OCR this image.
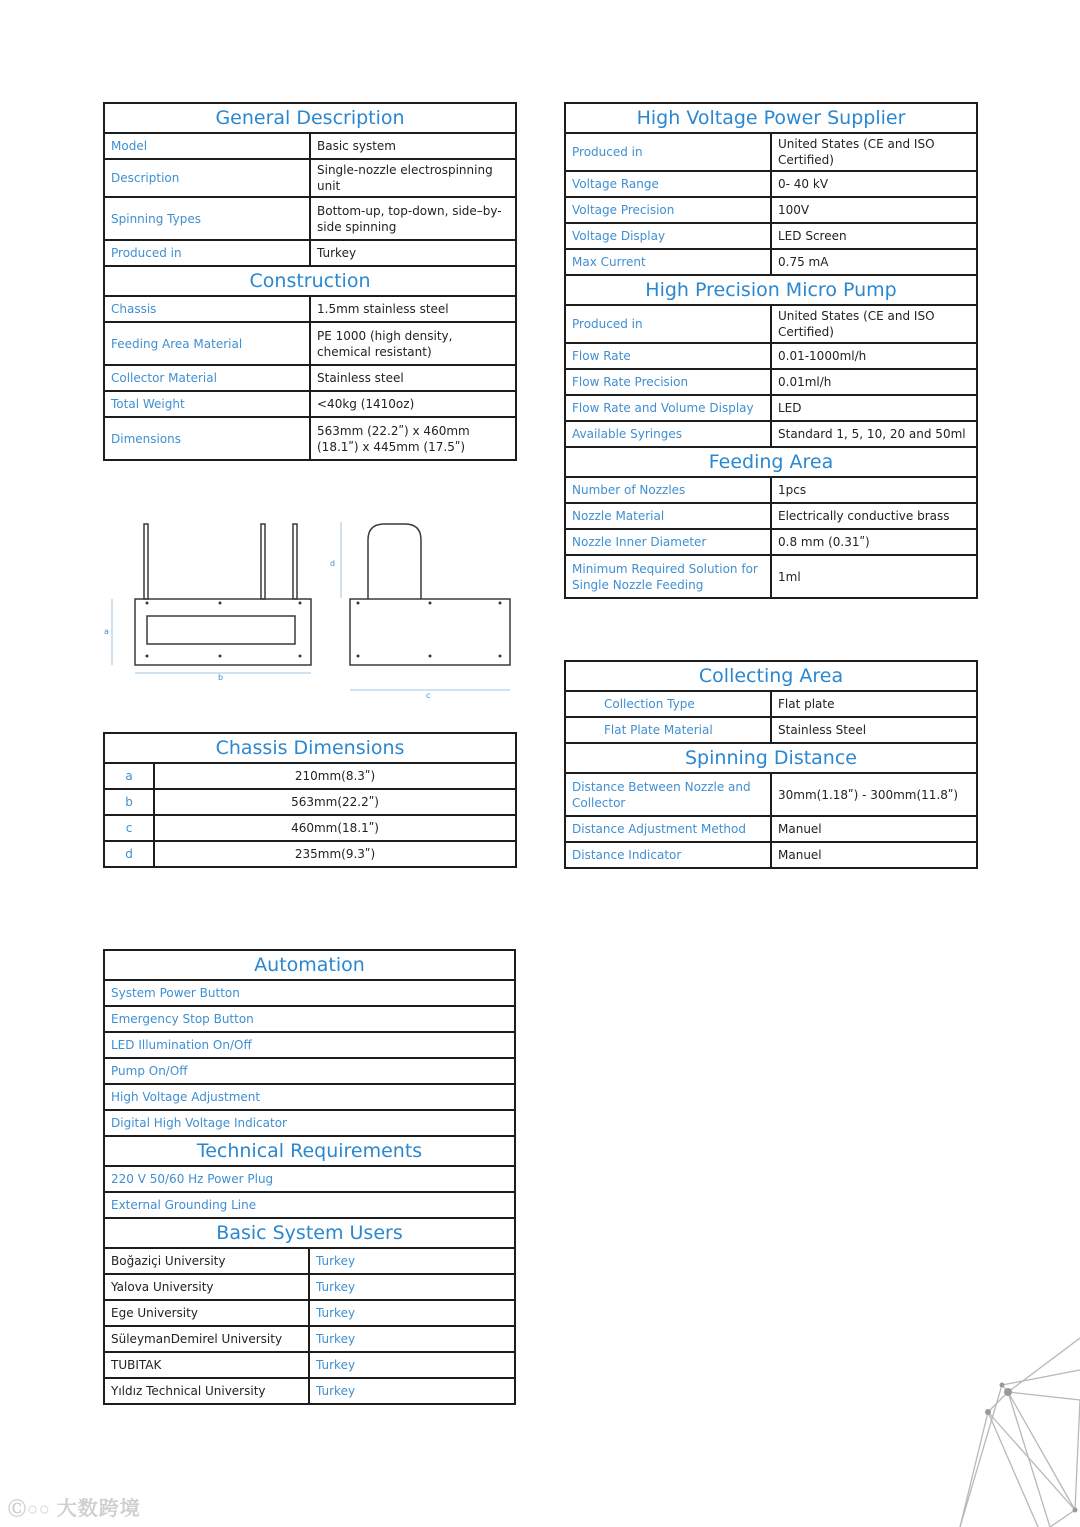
General Description	
Model	Basic system
Description	Single-nozzle electrospinning unit
Spinning Types	Bottom-up, top-down, side–by-side spinning
Produced in	Turkey
Construction	
Chassis	1.5mm stainless steel
Feeding Area Material	PE 1000 (high density, chemical resistant)
Collector Material	Stainless steel
Total Weight	<40kg (1410oz)
Dimensions	563mm (22.2ʺ) x 460mm (18.1ʺ) x 445mm (17.5ʺ)
a
b
c
d
Chassis Dimensions	
a	210mm(8.3ʺ)
b	563mm(22.2ʺ)
c	460mm(18.1ʺ)
d	235mm(9.3ʺ)
Automation	
System Power Button	
Emergency Stop Button	
LED Illumination On/Off	
Pump On/Off	
High Voltage Adjustment	
Digital High Voltage Indicator	
Technical Requirements	
220 V 50/60 Hz Power Plug	
External Grounding Line	
Basic System Users	
Boğaziçi University	Turkey
Yalova University	Turkey
Ege University	Turkey
SüleymanDemirel University	Turkey
TUBITAK	Turkey
Yıldız Technical University	Turkey
High Voltage Power Supplier	
Produced in	United States (CE and ISO Certified)
Voltage Range	0- 40 kV
Voltage Precision	100V
Voltage Display	LED Screen
Max Current	0.75 mA
High Precision Micro Pump	
Produced in	United States (CE and ISO Certified)
Flow Rate	0.01-1000ml/h
Flow Rate Precision	0.01ml/h
Flow Rate and Volume Display	LED
Available Syringes	Standard 1, 5, 10, 20 and 50ml
Feeding Area	
Number of Nozzles	1pcs
Nozzle Material	Electrically conductive brass
Nozzle Inner Diameter	0.8 mm (0.31ʺ)
Minimum Required Solution for Single Nozzle Feeding	1ml
Collecting Area	
Collection Type	Flat plate
Flat Plate Material	Stainless Steel
Spinning Distance	
Distance Between Nozzle and Collector	30mm(1.18ʺ) - 300mm(11.8ʺ)
Distance Adjustment Method	Manuel
Distance Indicator	Manuel
Ⓒ○○ 大数跨境
